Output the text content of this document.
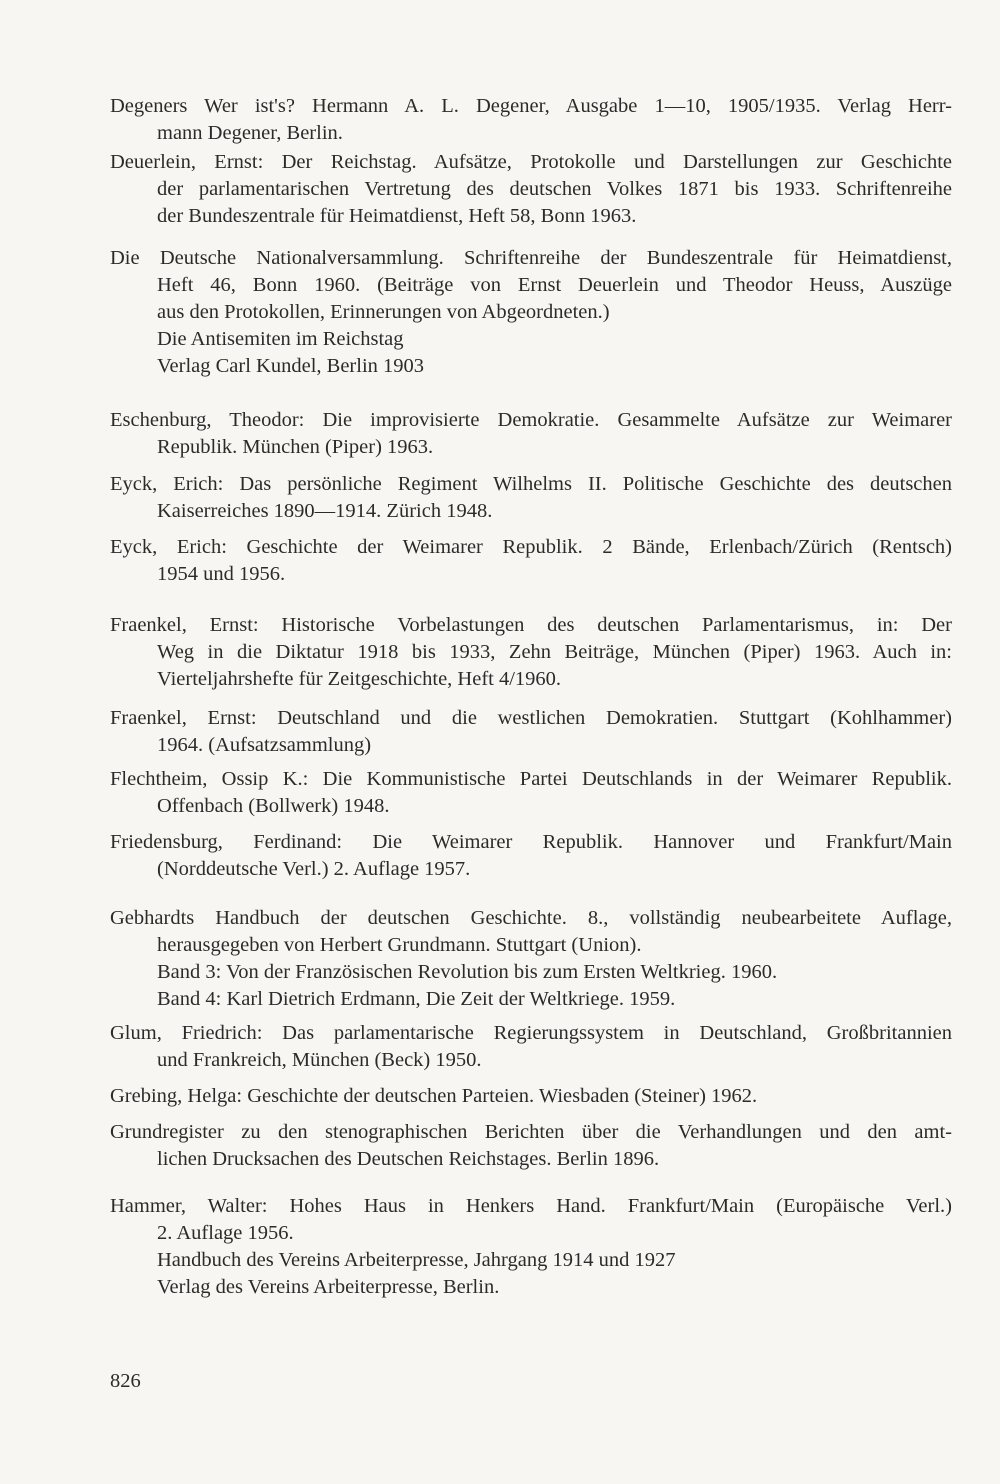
Degeners Wer ist's? Hermann A. L. Degener, Ausgabe 1—10, 1905/1935. Verlag Herr-
mann Degener, Berlin.

Deuerlein, Ernst: Der Reichstag. Aufsätze, Protokolle und Darstellungen zur Geschichte
der parlamentarischen Vertretung des deutschen Volkes 1871 bis 1933. Schriftenreihe
der Bundeszentrale für Heimatdienst, Heft 58, Bonn 1963.

Die Deutsche Nationalversammlung. Schriftenreihe der Bundeszentrale für Heimatdienst,
Heft 46, Bonn 1960. (Beiträge von Ernst Deuerlein und Theodor Heuss, Auszüge
aus den Protokollen, Erinnerungen von Abgeordneten.)
Die Antisemiten im Reichstag
Verlag Carl Kundel, Berlin 1903

Eschenburg, Theodor: Die improvisierte Demokratie. Gesammelte Aufsätze zur Weimarer
Republik. München (Piper) 1963.

Eyck, Erich: Das persönliche Regiment Wilhelms II. Politische Geschichte des deutschen
Kaiserreiches 1890—1914. Zürich 1948.

Eyck, Erich: Geschichte der Weimarer Republik. 2 Bände, Erlenbach/Zürich (Rentsch)
1954 und 1956.

Fraenkel, Ernst: Historische Vorbelastungen des deutschen Parlamentarismus, in: Der
Weg in die Diktatur 1918 bis 1933, Zehn Beiträge, München (Piper) 1963. Auch in:
Vierteljahrshefte für Zeitgeschichte, Heft 4/1960.

Fraenkel, Ernst: Deutschland und die westlichen Demokratien. Stuttgart (Kohlhammer)
1964. (Aufsatzsammlung)

Flechtheim, Ossip K.: Die Kommunistische Partei Deutschlands in der Weimarer Republik.
Offenbach (Bollwerk) 1948.

Friedensburg, Ferdinand: Die Weimarer Republik. Hannover und Frankfurt/Main
(Norddeutsche Verl.) 2. Auflage 1957.

Gebhardts Handbuch der deutschen Geschichte. 8., vollständig neubearbeitete Auflage,
herausgegeben von Herbert Grundmann. Stuttgart (Union).
Band 3: Von der Französischen Revolution bis zum Ersten Weltkrieg. 1960.
Band 4: Karl Dietrich Erdmann, Die Zeit der Weltkriege. 1959.

Glum, Friedrich: Das parlamentarische Regierungssystem in Deutschland, Großbritannien
und Frankreich, München (Beck) 1950.

Grebing, Helga: Geschichte der deutschen Parteien. Wiesbaden (Steiner) 1962.

Grundregister zu den stenographischen Berichten über die Verhandlungen und den amt-
lichen Drucksachen des Deutschen Reichstages. Berlin 1896.

Hammer, Walter: Hohes Haus in Henkers Hand. Frankfurt/Main (Europäische Verl.)
2. Auflage 1956.
Handbuch des Vereins Arbeiterpresse, Jahrgang 1914 und 1927
Verlag des Vereins Arbeiterpresse, Berlin.

826
